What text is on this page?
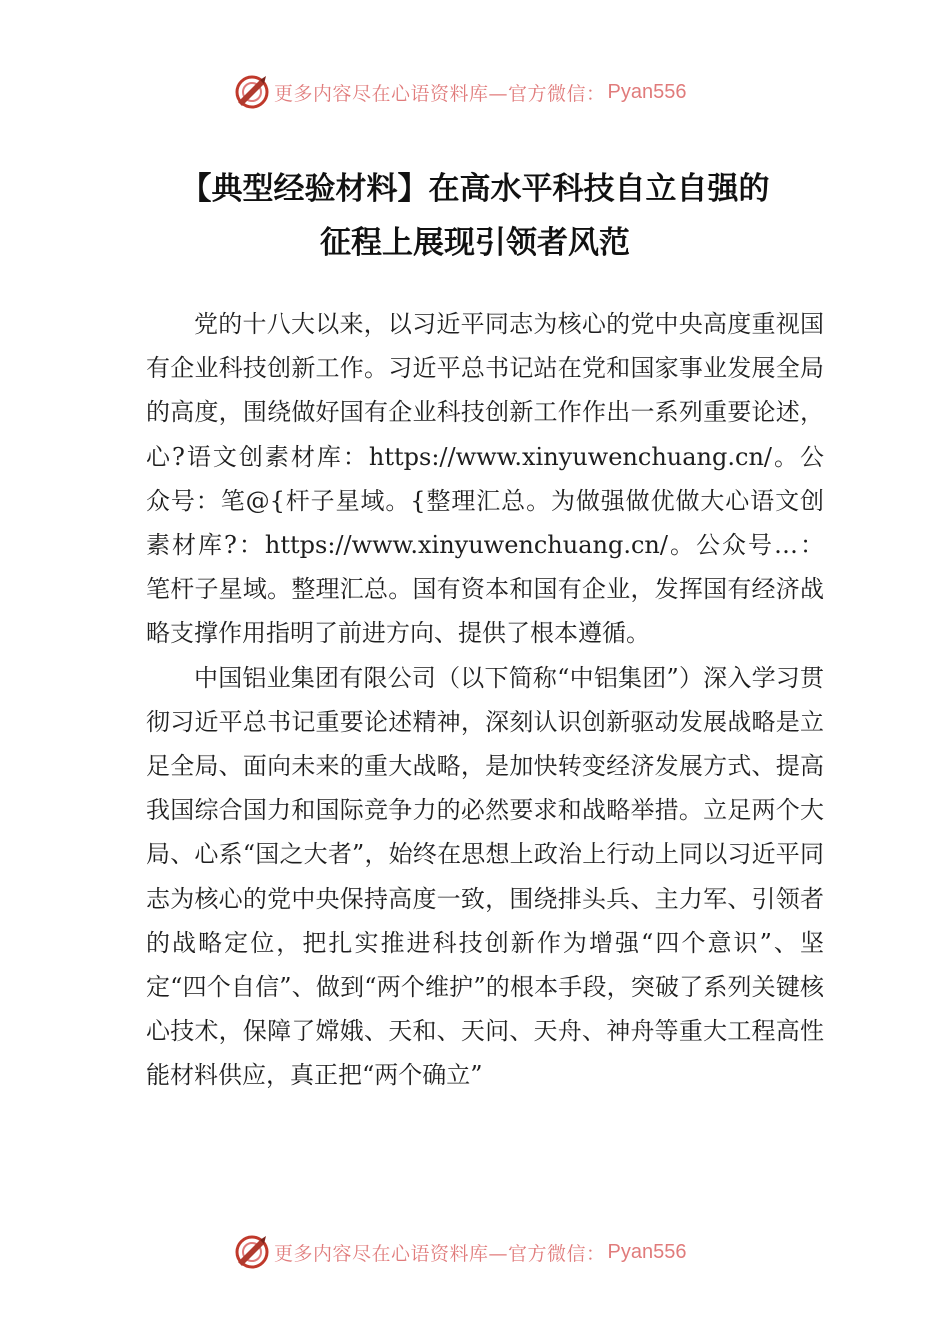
更多内容尽在心语资料库—官方微信： Pyan556
【典型经验材料】在高水平科技自立自强的
征程上展现引领者风范

党的十八大以来，以习近平同志为核心的党中央高度重视国有企业科技创新工作。习近平总书记站在党和国家事业发展全局的高度，围绕做好国有企业科技创新工作作出一系列重要论述，心?语文创素材库：https://www.xinyuwenchuang.cn/。公众号：笔@{杆子星域。{整理汇总。为做强做优做大心语文创素材库?：https://www.xinyuwenchuang.cn/。公众号…：笔杆子星域。整理汇总。国有资本和国有企业，发挥国有经济战略支撑作用指明了前进方向、提供了根本遵循。

中国铝业集团有限公司（以下简称“中铝集团”）深入学习贯彻习近平总书记重要论述精神，深刻认识创新驱动发展战略是立足全局、面向未来的重大战略，是加快转变经济发展方式、提高我国综合国力和国际竞争力的必然要求和战略举措。立足两个大局、心系“国之大者”，始终在思想上政治上行动上同以习近平同志为核心的党中央保持高度一致，围绕排头兵、主力军、引领者的战略定位，把扎实推进科技创新作为增强“四个意识”、坚定“四个自信”、做到“两个维护”的根本手段，突破了系列关键核心技术，保障了嫦娥、天和、天问、天舟、神舟等重大工程高性能材料供应，真正把“两个确立”

更多内容尽在心语资料库—官方微信： Pyan556
